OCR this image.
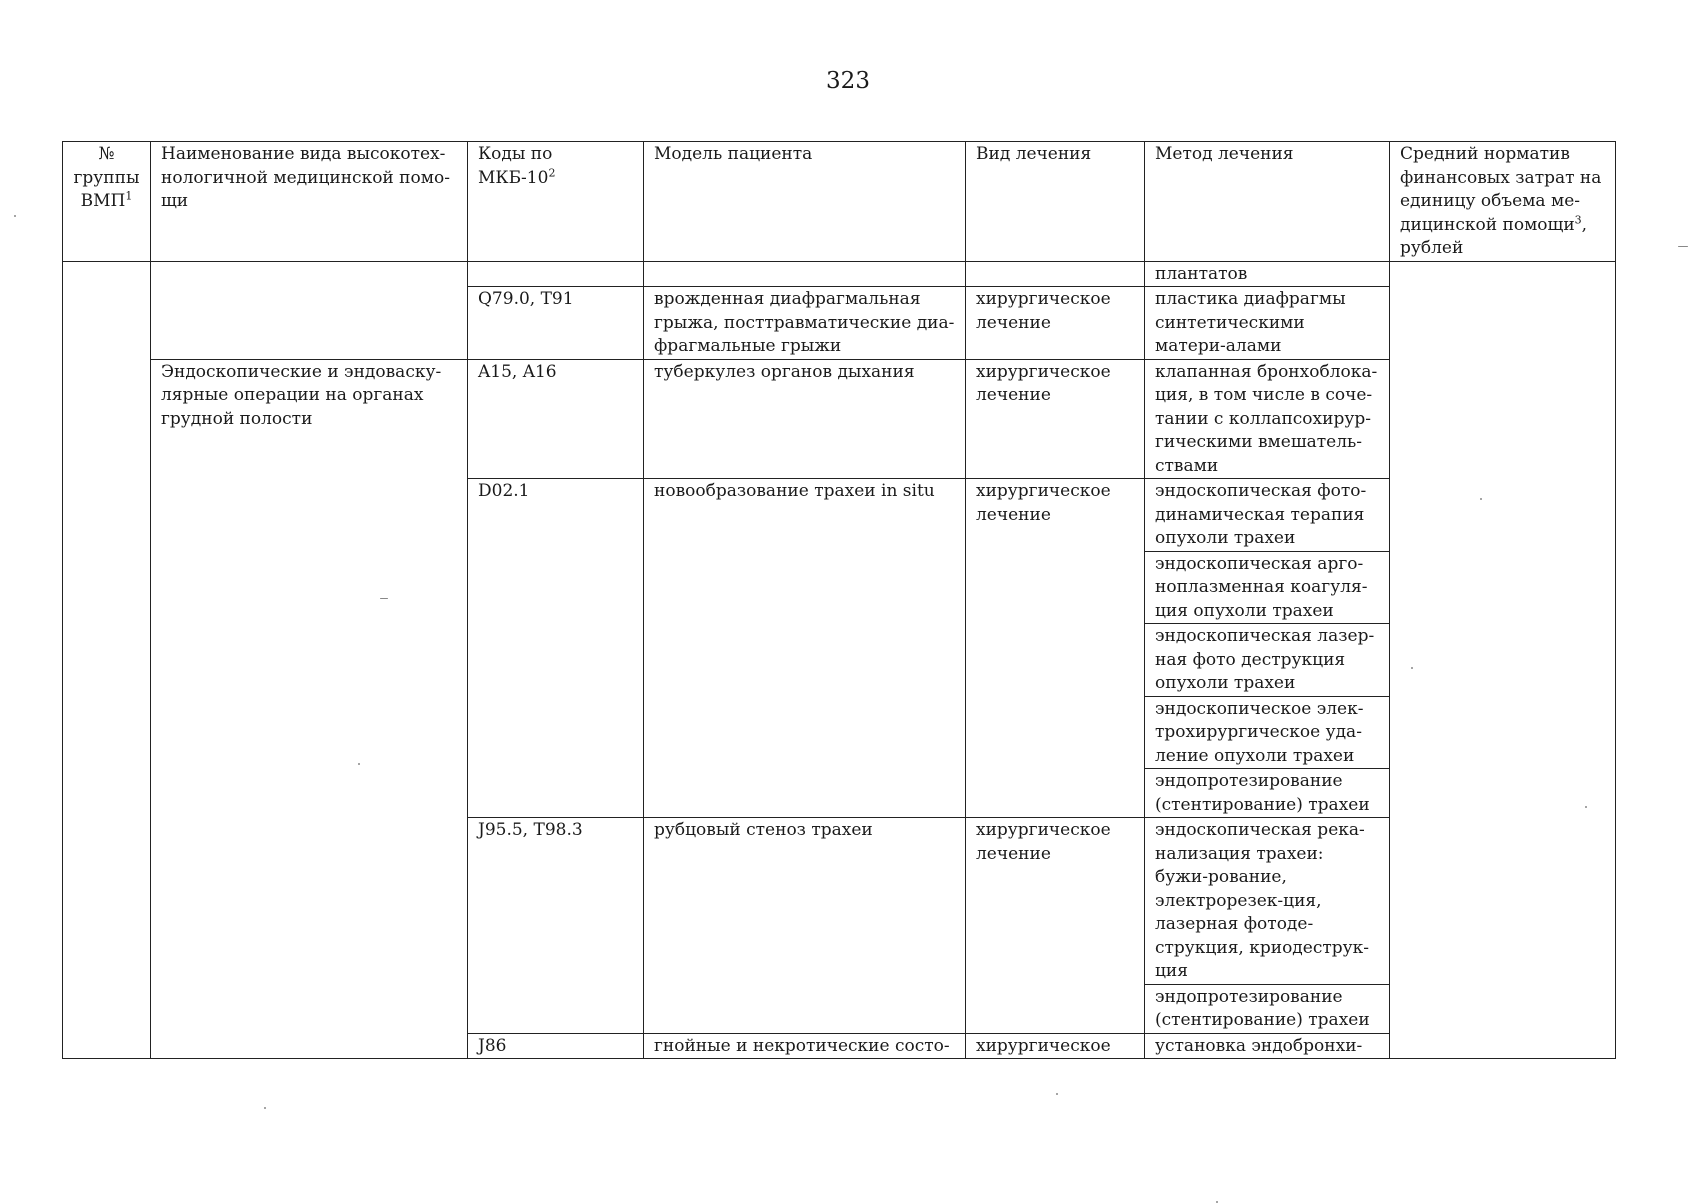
323
№ группы ВМП$^1$	Наименование вида высокотех-нологичной медицинской помо-щи	Коды по МКБ-$10^2$	Модель пациента	Вид лечения	Метод лечения	Средний норматив финансовых затрат на единицу объема ме-дицинской помощи$^3$, рублей
					плантатов	
		Q79.0, T91	врожденная диафрагмальная грыжа, посттравматические диа-фрагмальные грыжи	хирургическое лечение	пластика диафрагмы синтетическими матери-алами	
	Эндоскопические и эндоваску-лярные операции на органах грудной полости	A15, A16	туберкулез органов дыхания	хирургическое лечение	клапанная бронхоблока-ция, в том числе в соче-тании с коллапсохирур-гическими вмешатель-ствами	
		D02.1	новообразование трахеи in situ	хирургическое лечение	эндоскопическая фото-динамическая терапия опухоли трахеи	
					эндоскопическая арго-ноплазменная коагуля-ция опухоли трахеи	
					эндоскопическая лазер-ная фото деструкция опухоли трахеи	
					эндоскопическое элек-трохирургическое уда-ление опухоли трахеи	
					эндопротезирование (стентирование) трахеи	
		J95.5, T98.3	рубцовый стеноз трахеи	хирургическое лечение	эндоскопическая река-нализация трахеи: бужи-рование, электрорезек-ция, лазерная фотоде-струкция, криодеструк-ция	
					эндопротезирование (стентирование) трахеи	
		J86	гнойные и некротические состо-	хирургическое	установка эндобронхи-	
